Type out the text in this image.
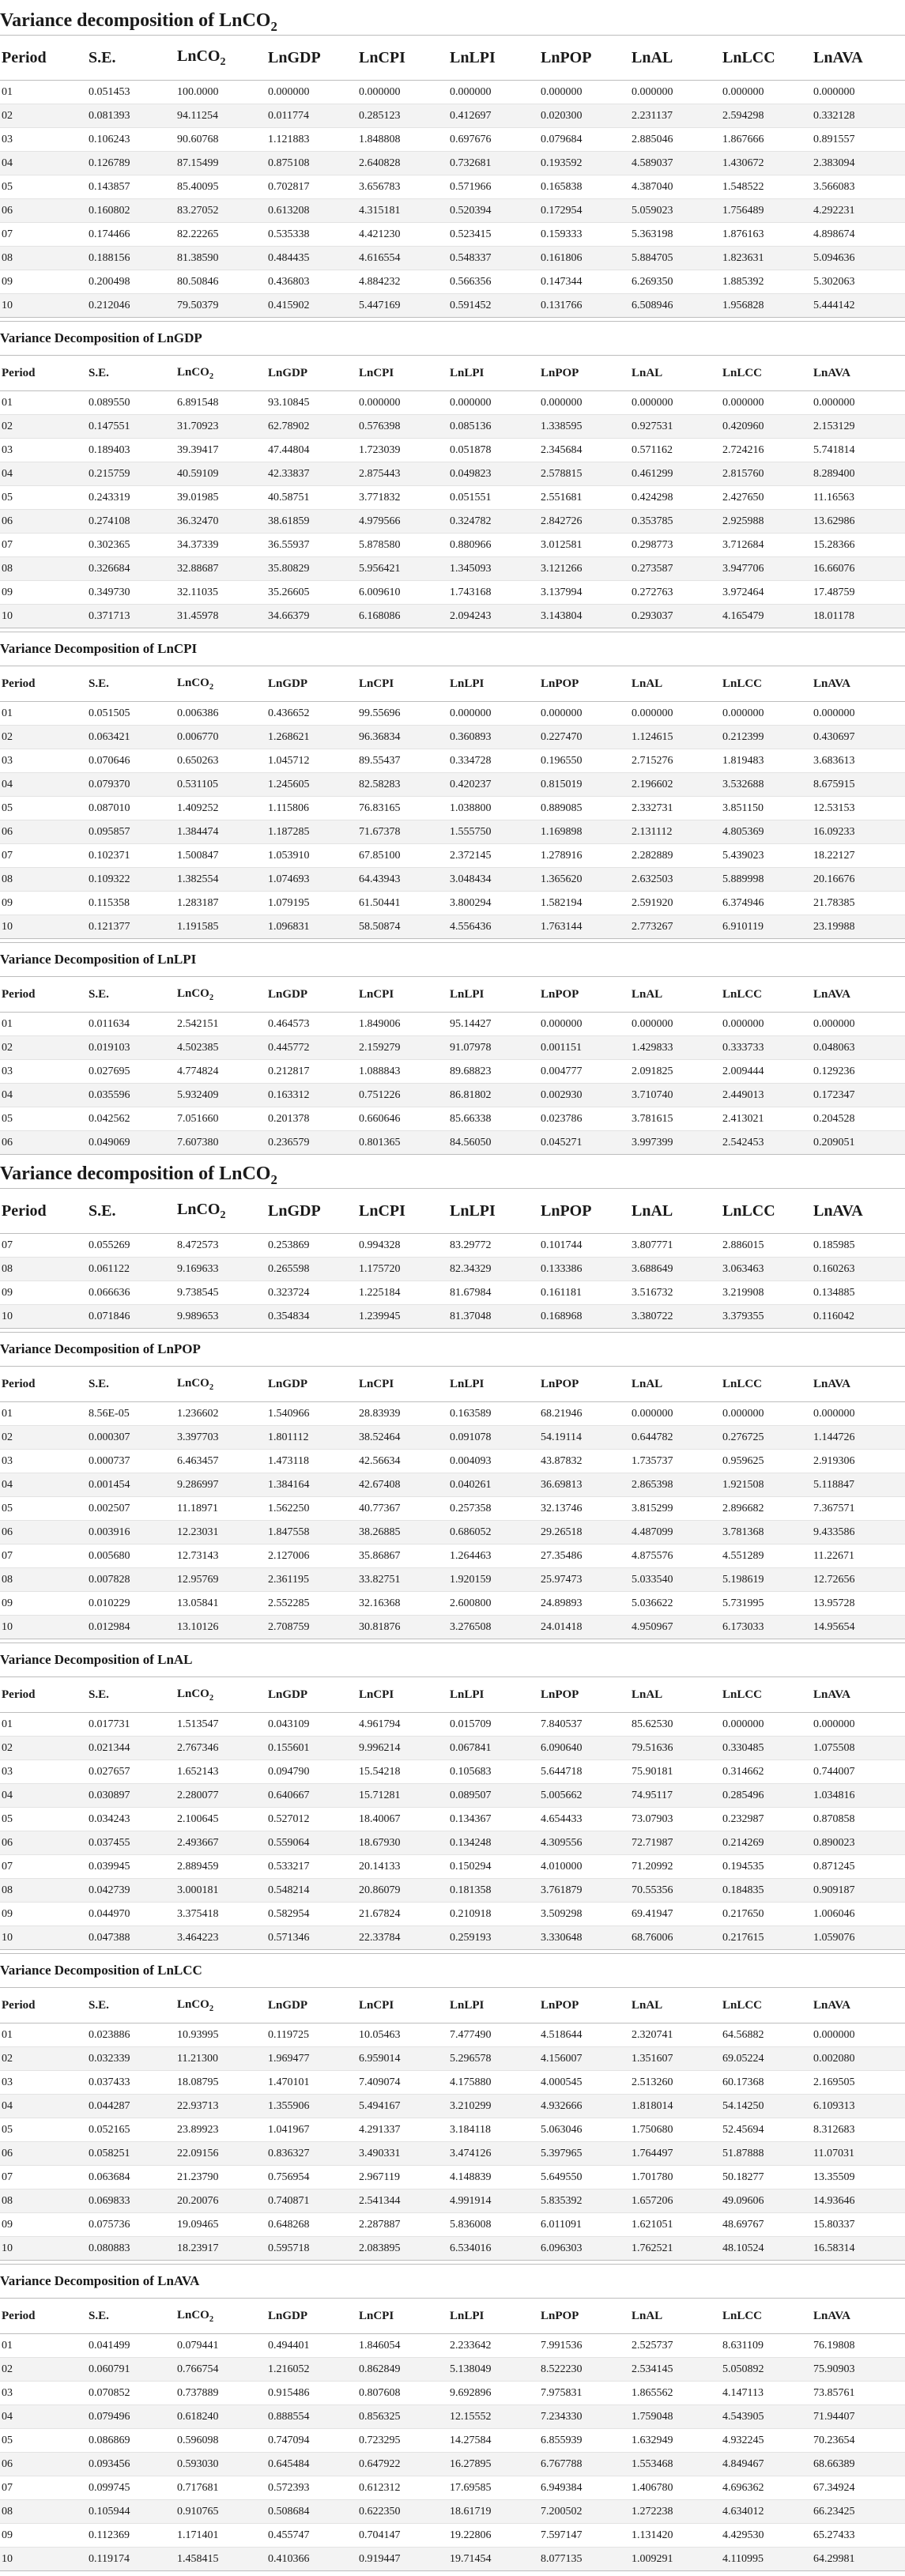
Variance decomposition of LnCO$_2$
Period	S.E.	LnCO$_2$	LnGDP	LnCPI	LnLPI	LnPOP	LnAL	LnLCC	LnAVA
01	0.051453	100.0000	0.000000	0.000000	0.000000	0.000000	0.000000	0.000000	0.000000
02	0.081393	94.11254	0.011774	0.285123	0.412697	0.020300	2.231137	2.594298	0.332128
03	0.106243	90.60768	1.121883	1.848808	0.697676	0.079684	2.885046	1.867666	0.891557
04	0.126789	87.15499	0.875108	2.640828	0.732681	0.193592	4.589037	1.430672	2.383094
05	0.143857	85.40095	0.702817	3.656783	0.571966	0.165838	4.387040	1.548522	3.566083
06	0.160802	83.27052	0.613208	4.315181	0.520394	0.172954	5.059023	1.756489	4.292231
07	0.174466	82.22265	0.535338	4.421230	0.523415	0.159333	5.363198	1.876163	4.898674
08	0.188156	81.38590	0.484435	4.616554	0.548337	0.161806	5.884705	1.823631	5.094636
09	0.200498	80.50846	0.436803	4.884232	0.566356	0.147344	6.269350	1.885392	5.302063
10	0.212046	79.50379	0.415902	5.447169	0.591452	0.131766	6.508946	1.956828	5.444142
Variance Decomposition of LnGDP
Period	S.E.	LnCO$_2$	LnGDP	LnCPI	LnLPI	LnPOP	LnAL	LnLCC	LnAVA
01	0.089550	6.891548	93.10845	0.000000	0.000000	0.000000	0.000000	0.000000	0.000000
02	0.147551	31.70923	62.78902	0.576398	0.085136	1.338595	0.927531	0.420960	2.153129
03	0.189403	39.39417	47.44804	1.723039	0.051878	2.345684	0.571162	2.724216	5.741814
04	0.215759	40.59109	42.33837	2.875443	0.049823	2.578815	0.461299	2.815760	8.289400
05	0.243319	39.01985	40.58751	3.771832	0.051551	2.551681	0.424298	2.427650	11.16563
06	0.274108	36.32470	38.61859	4.979566	0.324782	2.842726	0.353785	2.925988	13.62986
07	0.302365	34.37339	36.55937	5.878580	0.880966	3.012581	0.298773	3.712684	15.28366
08	0.326684	32.88687	35.80829	5.956421	1.345093	3.121266	0.273587	3.947706	16.66076
09	0.349730	32.11035	35.26605	6.009610	1.743168	3.137994	0.272763	3.972464	17.48759
10	0.371713	31.45978	34.66379	6.168086	2.094243	3.143804	0.293037	4.165479	18.01178
Variance Decomposition of LnCPI
Period	S.E.	LnCO$_2$	LnGDP	LnCPI	LnLPI	LnPOP	LnAL	LnLCC	LnAVA
01	0.051505	0.006386	0.436652	99.55696	0.000000	0.000000	0.000000	0.000000	0.000000
02	0.063421	0.006770	1.268621	96.36834	0.360893	0.227470	1.124615	0.212399	0.430697
03	0.070646	0.650263	1.045712	89.55437	0.334728	0.196550	2.715276	1.819483	3.683613
04	0.079370	0.531105	1.245605	82.58283	0.420237	0.815019	2.196602	3.532688	8.675915
05	0.087010	1.409252	1.115806	76.83165	1.038800	0.889085	2.332731	3.851150	12.53153
06	0.095857	1.384474	1.187285	71.67378	1.555750	1.169898	2.131112	4.805369	16.09233
07	0.102371	1.500847	1.053910	67.85100	2.372145	1.278916	2.282889	5.439023	18.22127
08	0.109322	1.382554	1.074693	64.43943	3.048434	1.365620	2.632503	5.889998	20.16676
09	0.115358	1.283187	1.079195	61.50441	3.800294	1.582194	2.591920	6.374946	21.78385
10	0.121377	1.191585	1.096831	58.50874	4.556436	1.763144	2.773267	6.910119	23.19988
Variance Decomposition of LnLPI
Period	S.E.	LnCO$_2$	LnGDP	LnCPI	LnLPI	LnPOP	LnAL	LnLCC	LnAVA
01	0.011634	2.542151	0.464573	1.849006	95.14427	0.000000	0.000000	0.000000	0.000000
02	0.019103	4.502385	0.445772	2.159279	91.07978	0.001151	1.429833	0.333733	0.048063
03	0.027695	4.774824	0.212817	1.088843	89.68823	0.004777	2.091825	2.009444	0.129236
04	0.035596	5.932409	0.163312	0.751226	86.81802	0.002930	3.710740	2.449013	0.172347
05	0.042562	7.051660	0.201378	0.660646	85.66338	0.023786	3.781615	2.413021	0.204528
06	0.049069	7.607380	0.236579	0.801365	84.56050	0.045271	3.997399	2.542453	0.209051
Variance decomposition of LnCO$_2$
Period	S.E.	LnCO$_2$	LnGDP	LnCPI	LnLPI	LnPOP	LnAL	LnLCC	LnAVA
07	0.055269	8.472573	0.253869	0.994328	83.29772	0.101744	3.807771	2.886015	0.185985
08	0.061122	9.169633	0.265598	1.175720	82.34329	0.133386	3.688649	3.063463	0.160263
09	0.066636	9.738545	0.323724	1.225184	81.67984	0.161181	3.516732	3.219908	0.134885
10	0.071846	9.989653	0.354834	1.239945	81.37048	0.168968	3.380722	3.379355	0.116042
Variance Decomposition of LnPOP
Period	S.E.	LnCO$_2$	LnGDP	LnCPI	LnLPI	LnPOP	LnAL	LnLCC	LnAVA
01	8.56E-05	1.236602	1.540966	28.83939	0.163589	68.21946	0.000000	0.000000	0.000000
02	0.000307	3.397703	1.801112	38.52464	0.091078	54.19114	0.644782	0.276725	1.144726
03	0.000737	6.463457	1.473118	42.56634	0.004093	43.87832	1.735737	0.959625	2.919306
04	0.001454	9.286997	1.384164	42.67408	0.040261	36.69813	2.865398	1.921508	5.118847
05	0.002507	11.18971	1.562250	40.77367	0.257358	32.13746	3.815299	2.896682	7.367571
06	0.003916	12.23031	1.847558	38.26885	0.686052	29.26518	4.487099	3.781368	9.433586
07	0.005680	12.73143	2.127006	35.86867	1.264463	27.35486	4.875576	4.551289	11.22671
08	0.007828	12.95769	2.361195	33.82751	1.920159	25.97473	5.033540	5.198619	12.72656
09	0.010229	13.05841	2.552285	32.16368	2.600800	24.89893	5.036622	5.731995	13.95728
10	0.012984	13.10126	2.708759	30.81876	3.276508	24.01418	4.950967	6.173033	14.95654
Variance Decomposition of LnAL
Period	S.E.	LnCO$_2$	LnGDP	LnCPI	LnLPI	LnPOP	LnAL	LnLCC	LnAVA
01	0.017731	1.513547	0.043109	4.961794	0.015709	7.840537	85.62530	0.000000	0.000000
02	0.021344	2.767346	0.155601	9.996214	0.067841	6.090640	79.51636	0.330485	1.075508
03	0.027657	1.652143	0.094790	15.54218	0.105683	5.644718	75.90181	0.314662	0.744007
04	0.030897	2.280077	0.640667	15.71281	0.089507	5.005662	74.95117	0.285496	1.034816
05	0.034243	2.100645	0.527012	18.40067	0.134367	4.654433	73.07903	0.232987	0.870858
06	0.037455	2.493667	0.559064	18.67930	0.134248	4.309556	72.71987	0.214269	0.890023
07	0.039945	2.889459	0.533217	20.14133	0.150294	4.010000	71.20992	0.194535	0.871245
08	0.042739	3.000181	0.548214	20.86079	0.181358	3.761879	70.55356	0.184835	0.909187
09	0.044970	3.375418	0.582954	21.67824	0.210918	3.509298	69.41947	0.217650	1.006046
10	0.047388	3.464223	0.571346	22.33784	0.259193	3.330648	68.76006	0.217615	1.059076
Variance Decomposition of LnLCC
Period	S.E.	LnCO$_2$	LnGDP	LnCPI	LnLPI	LnPOP	LnAL	LnLCC	LnAVA
01	0.023886	10.93995	0.119725	10.05463	7.477490	4.518644	2.320741	64.56882	0.000000
02	0.032339	11.21300	1.969477	6.959014	5.296578	4.156007	1.351607	69.05224	0.002080
03	0.037433	18.08795	1.470101	7.409074	4.175880	4.000545	2.513260	60.17368	2.169505
04	0.044287	22.93713	1.355906	5.494167	3.210299	4.932666	1.818014	54.14250	6.109313
05	0.052165	23.89923	1.041967	4.291337	3.184118	5.063046	1.750680	52.45694	8.312683
06	0.058251	22.09156	0.836327	3.490331	3.474126	5.397965	1.764497	51.87888	11.07031
07	0.063684	21.23790	0.756954	2.967119	4.148839	5.649550	1.701780	50.18277	13.35509
08	0.069833	20.20076	0.740871	2.541344	4.991914	5.835392	1.657206	49.09606	14.93646
09	0.075736	19.09465	0.648268	2.287887	5.836008	6.011091	1.621051	48.69767	15.80337
10	0.080883	18.23917	0.595718	2.083895	6.534016	6.096303	1.762521	48.10524	16.58314
Variance Decomposition of LnAVA
Period	S.E.	LnCO$_2$	LnGDP	LnCPI	LnLPI	LnPOP	LnAL	LnLCC	LnAVA
01	0.041499	0.079441	0.494401	1.846054	2.233642	7.991536	2.525737	8.631109	76.19808
02	0.060791	0.766754	1.216052	0.862849	5.138049	8.522230	2.534145	5.050892	75.90903
03	0.070852	0.737889	0.915486	0.807608	9.692896	7.975831	1.865562	4.147113	73.85761
04	0.079496	0.618240	0.888554	0.856325	12.15552	7.234330	1.759048	4.543905	71.94407
05	0.086869	0.596098	0.747094	0.723295	14.27584	6.855939	1.632949	4.932245	70.23654
06	0.093456	0.593030	0.645484	0.647922	16.27895	6.767788	1.553468	4.849467	68.66389
07	0.099745	0.717681	0.572393	0.612312	17.69585	6.949384	1.406780	4.696362	67.34924
08	0.105944	0.910765	0.508684	0.622350	18.61719	7.200502	1.272238	4.634012	66.23425
09	0.112369	1.171401	0.455747	0.704147	19.22806	7.597147	1.131420	4.429530	65.27433
10	0.119174	1.458415	0.410366	0.919447	19.71454	8.077135	1.009291	4.110995	64.29981
